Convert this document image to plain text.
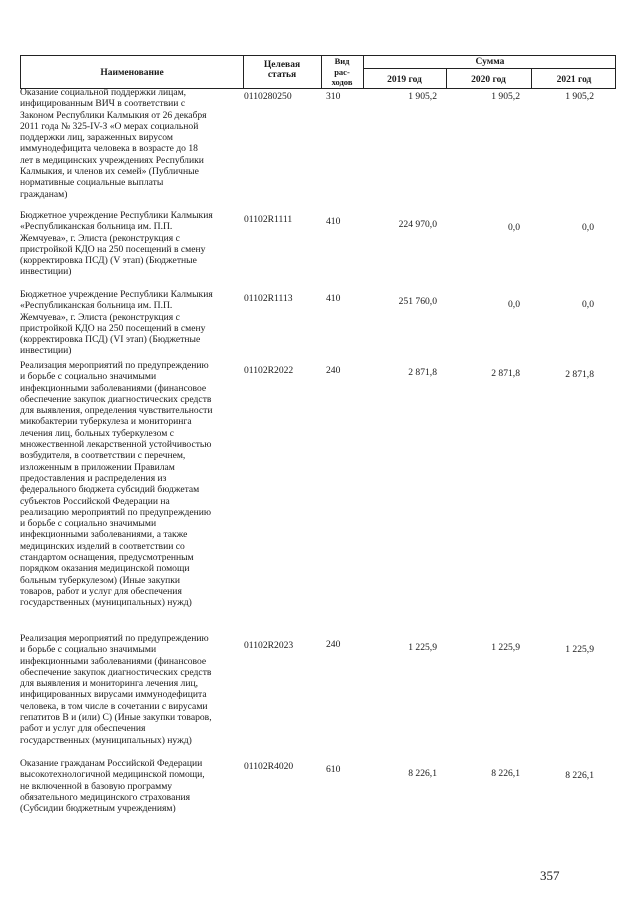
Наименование
Целевая
статья
Вид
рас-
ходов
Сумма
2019 год	2020 год	2021 год
Оказание социальной поддержки лицам,
инфицированным ВИЧ в соответствии с
Законом Республики Калмыкия от 26 декабря
2011 года № 325-IV-З «О мерах социальной
поддержки лиц, зараженных вирусом
иммунодефицита человека в возрасте до 18
лет в медицинских учреждениях Республики
Калмыкия, и членов их семей» (Публичные
нормативные социальные выплаты
гражданам)
0110280250	310	1 905,2	1 905,2	1 905,2
Бюджетное учреждение Республики Калмыкия
«Республиканская больница им. П.П.
Жемчуева», г. Элиста (реконструкция с
пристройкой КДО на 250 посещений в смену
(корректировка ПСД) (V этап) (Бюджетные
инвестиции)
01102R1111	410	224 970,0	0,0	0,0
Бюджетное учреждение Республики Калмыкия
«Республиканская больница им. П.П.
Жемчуева», г. Элиста (реконструкция с
пристройкой КДО на 250 посещений в смену
(корректировка ПСД) (VI этап) (Бюджетные
инвестиции)
01102R1113	410	251 760,0	0,0	0,0
Реализация мероприятий по предупреждению
и борьбе с социально значимыми
инфекционными заболеваниями (финансовое
обеспечение закупок диагностических средств
для выявления, определения чувствительности
микобактерии туберкулеза и мониторинга
лечения лиц, больных туберкулезом с
множественной лекарственной устойчивостью
возбудителя, в соответствии с перечнем,
изложенным в приложении Правилам
предоставления и распределения из
федерального бюджета субсидий бюджетам
субъектов Российской Федерации на
реализацию мероприятий по предупреждению
и борьбе с социально значимыми
инфекционными заболеваниями, а также
медицинских изделий в соответствии со
стандартом оснащения, предусмотренным
порядком оказания медицинской помощи
больным туберкулезом) (Иные закупки
товаров, работ и услуг для обеспечения
государственных (муниципальных) нужд)
01102R2022	240	2 871,8	2 871,8	2 871,8
Реализация мероприятий по предупреждению
и борьбе с социально значимыми
инфекционными заболеваниями (финансовое
обеспечение закупок диагностических средств
для выявления и мониторинга лечения лиц,
инфицированных вирусами иммунодефицита
человека, в том числе в сочетании с вирусами
гепатитов В и (или) С) (Иные закупки товаров,
работ и услуг для обеспечения
государственных (муниципальных) нужд)
01102R2023	240	1 225,9	1 225,9	1 225,9
Оказание гражданам Российской Федерации
высокотехнологичной медицинской помощи,
не включенной в базовую программу
обязательного медицинского страхования
(Субсидии бюджетным учреждениям)
01102R4020	610	8 226,1	8 226,1	8 226,1
357
